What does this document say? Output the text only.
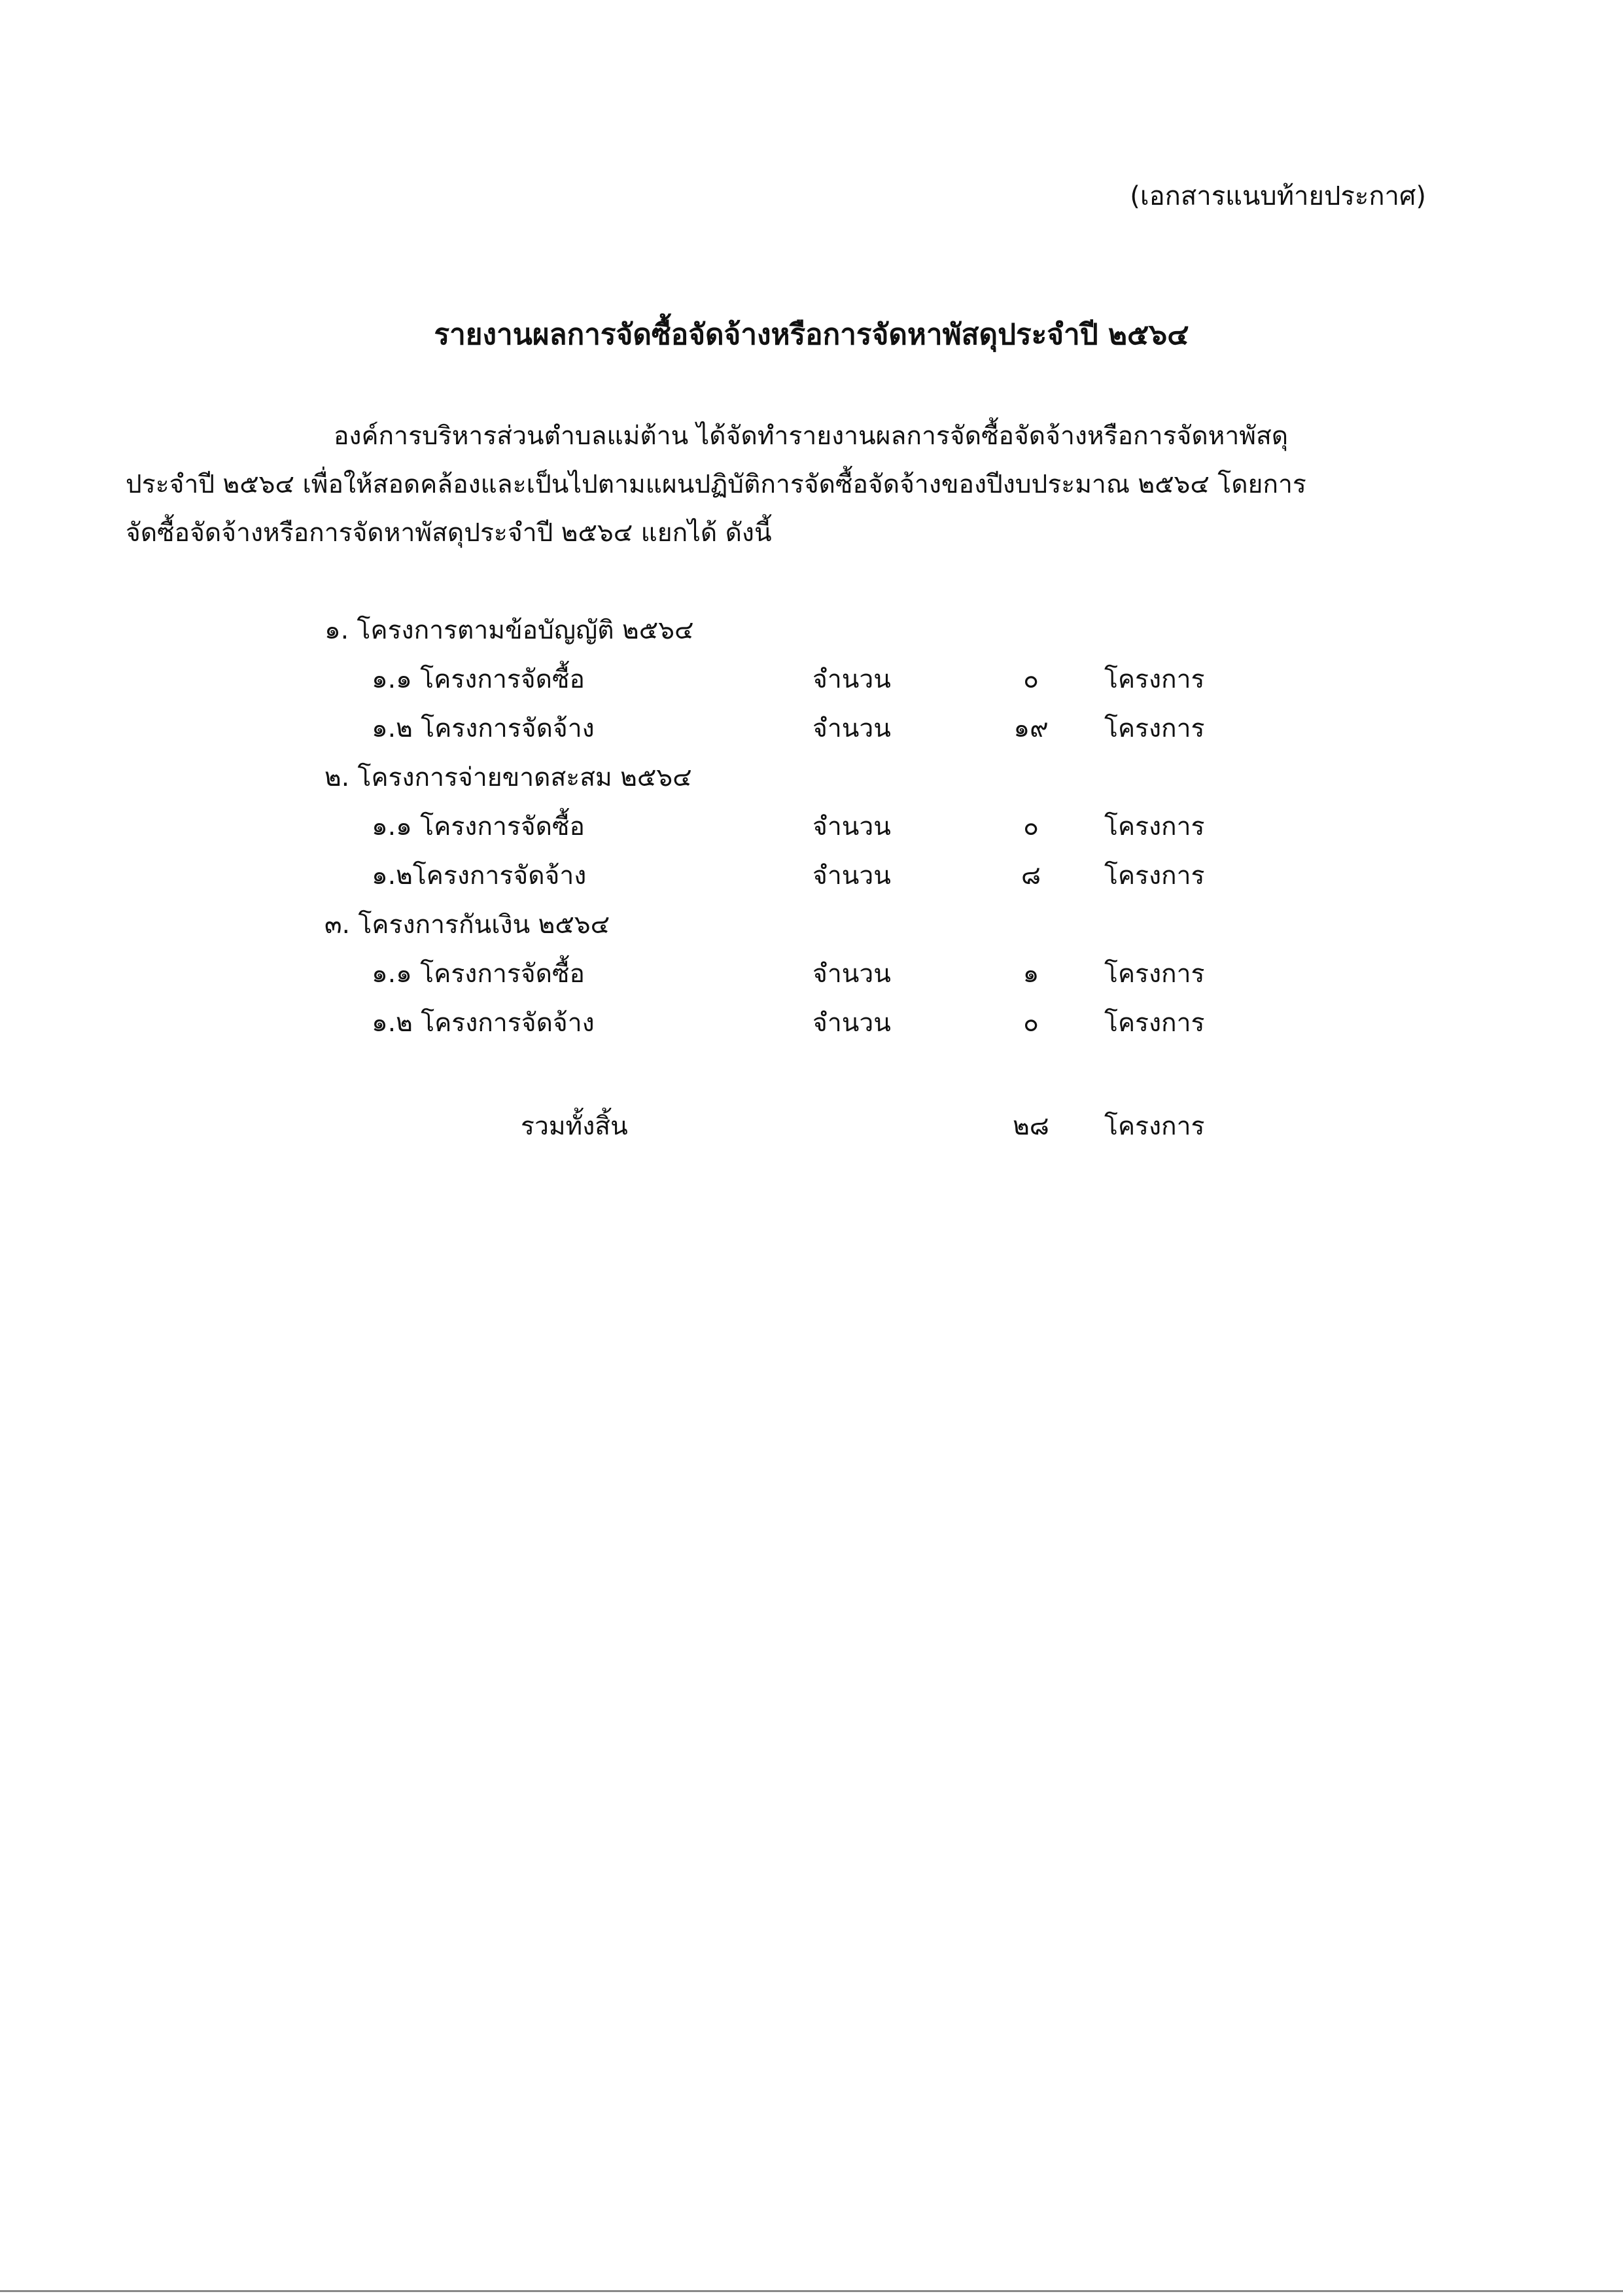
(เอกสารแนบท้ายประกาศ)
รายงานผลการจัดซื้อจัดจ้างหรือการจัดหาพัสดุประจำปี ๒๕๖๔
องค์การบริหารส่วนตำบลแม่ต้าน ได้จัดทำรายงานผลการจัดซื้อจัดจ้างหรือการจัดหาพัสดุ
ประจำปี ๒๕๖๔ เพื่อให้สอดคล้องและเป็นไปตามแผนปฏิบัติการจัดซื้อจัดจ้างของปีงบประมาณ ๒๕๖๔ โดยการ
จัดซื้อจัดจ้างหรือการจัดหาพัสดุประจำปี ๒๕๖๔ แยกได้ ดังนี้
๑. โครงการตามข้อบัญญัติ ๒๕๖๔
๑.๑ โครงการจัดซื้อ	จำนวน	๐	โครงการ
๑.๒ โครงการจัดจ้าง	จำนวน	๑๙	โครงการ
๒. โครงการจ่ายขาดสะสม ๒๕๖๔
๑.๑ โครงการจัดซื้อ	จำนวน	๐	โครงการ
๑.๒โครงการจัดจ้าง	จำนวน	๘	โครงการ
๓. โครงการกันเงิน ๒๕๖๔
๑.๑ โครงการจัดซื้อ	จำนวน	๑	โครงการ
๑.๒ โครงการจัดจ้าง	จำนวน	๐	โครงการ
รวมทั้งสิ้น	๒๘	โครงการ
